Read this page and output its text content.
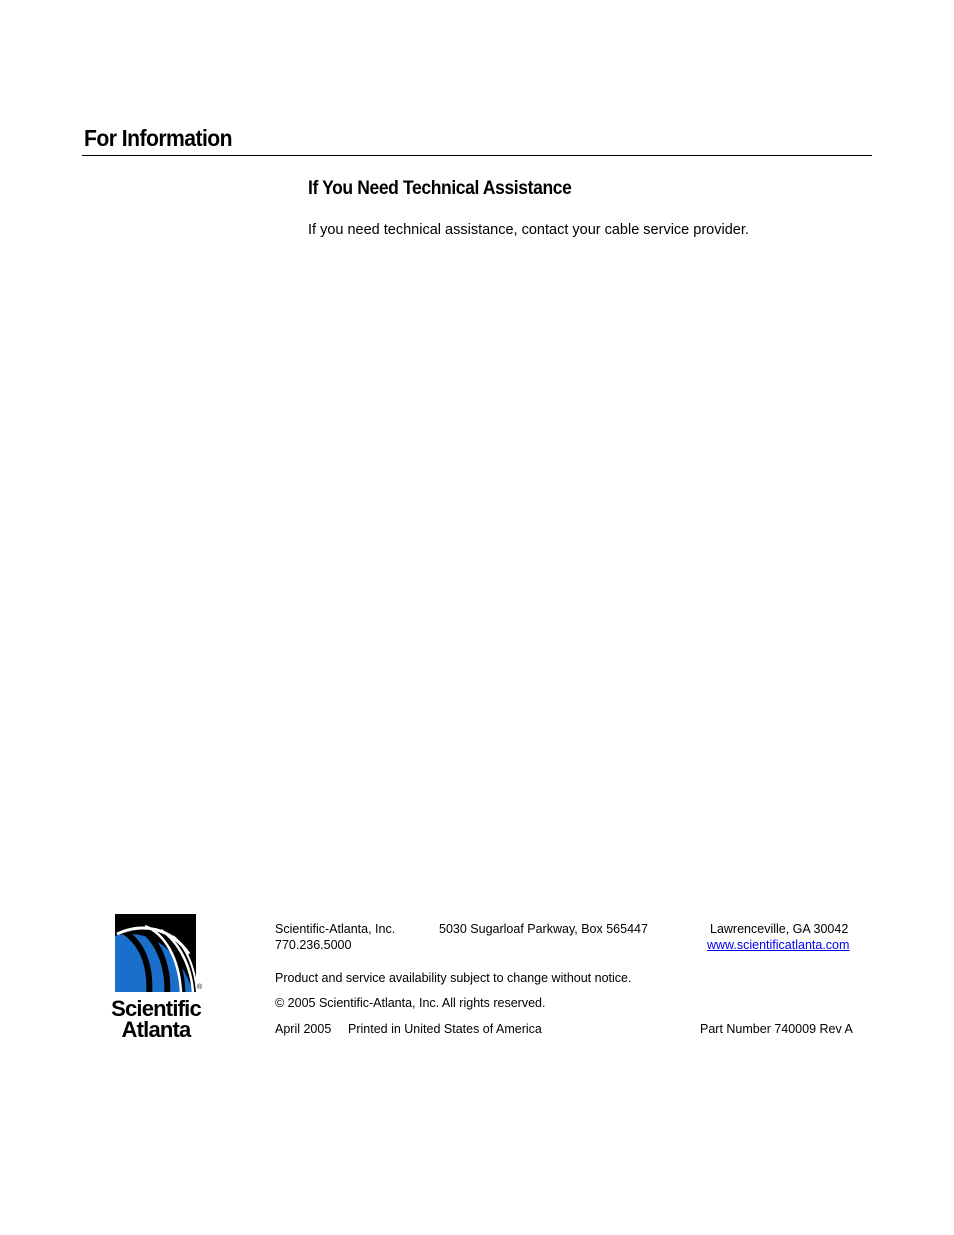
For Information
If You Need Technical Assistance

If you need technical assistance, contact your cable service provider.

®
Scientific
Atlanta

Scientific-Atlanta, Inc.	5030 Sugarloaf Parkway, Box 565447	Lawrenceville, GA 30042

770.236.5000	www.scientificatlanta.com

Product and service availability subject to change without notice.

© 2005 Scientific-Atlanta, Inc. All rights reserved.

April 2005 Printed in United States of America	Part Number 740009 Rev A
